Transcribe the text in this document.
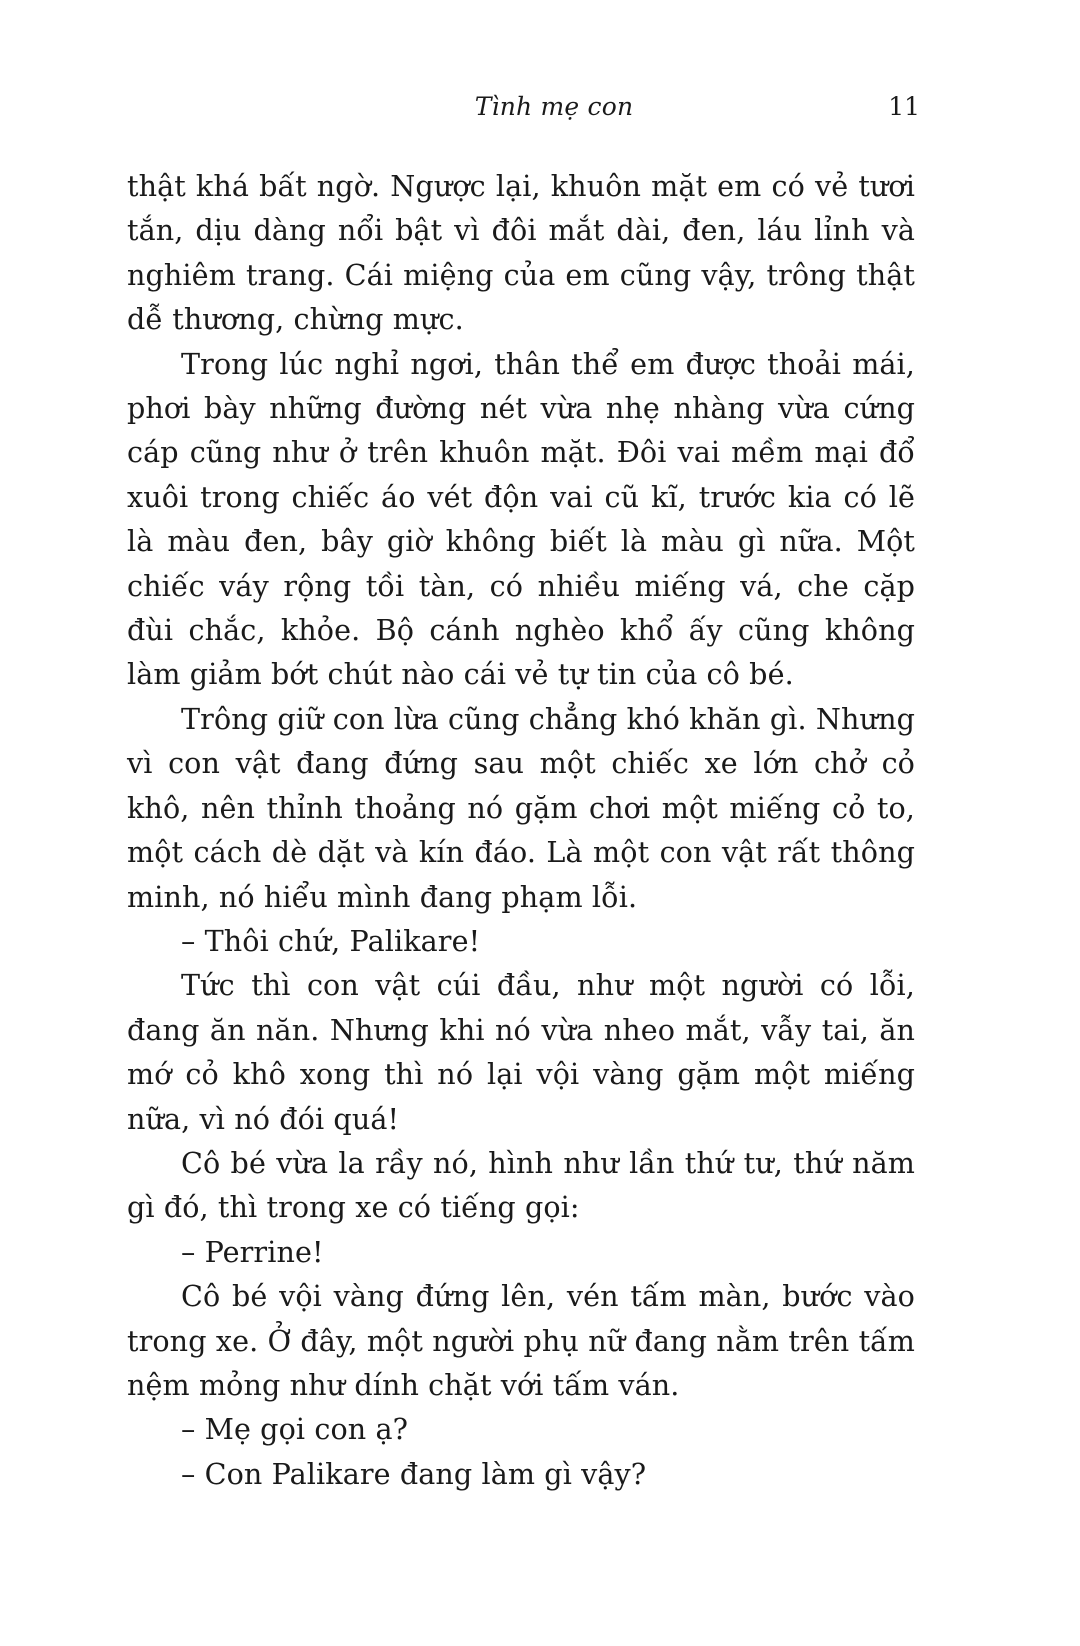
Tình mẹ con	11

thật khá bất ngờ. Ngược lại, khuôn mặt em có vẻ tươi tắn, dịu dàng nổi bật vì đôi mắt dài, đen, láu lỉnh và nghiêm trang. Cái miệng của em cũng vậy, trông thật dễ thương, chừng mực.

Trong lúc nghỉ ngơi, thân thể em được thoải mái, phơi bày những đường nét vừa nhẹ nhàng vừa cứng cáp cũng như ở trên khuôn mặt. Đôi vai mềm mại đổ xuôi trong chiếc áo vét độn vai cũ kĩ, trước kia có lẽ là màu đen, bây giờ không biết là màu gì nữa. Một chiếc váy rộng tồi tàn, có nhiều miếng vá, che cặp đùi chắc, khỏe. Bộ cánh nghèo khổ ấy cũng không làm giảm bớt chút nào cái vẻ tự tin của cô bé.

Trông giữ con lừa cũng chẳng khó khăn gì. Nhưng vì con vật đang đứng sau một chiếc xe lớn chở cỏ khô, nên thỉnh thoảng nó gặm chơi một miếng cỏ to, một cách dè dặt và kín đáo. Là một con vật rất thông minh, nó hiểu mình đang phạm lỗi.

– Thôi chứ, Palikare!

Tức thì con vật cúi đầu, như một người có lỗi, đang ăn năn. Nhưng khi nó vừa nheo mắt, vẫy tai, ăn mớ cỏ khô xong thì nó lại vội vàng gặm một miếng nữa, vì nó đói quá!

Cô bé vừa la rầy nó, hình như lần thứ tư, thứ năm gì đó, thì trong xe có tiếng gọi:

– Perrine!

Cô bé vội vàng đứng lên, vén tấm màn, bước vào trong xe. Ở đây, một người phụ nữ đang nằm trên tấm nệm mỏng như dính chặt với tấm ván.

– Mẹ gọi con ạ?

– Con Palikare đang làm gì vậy?
